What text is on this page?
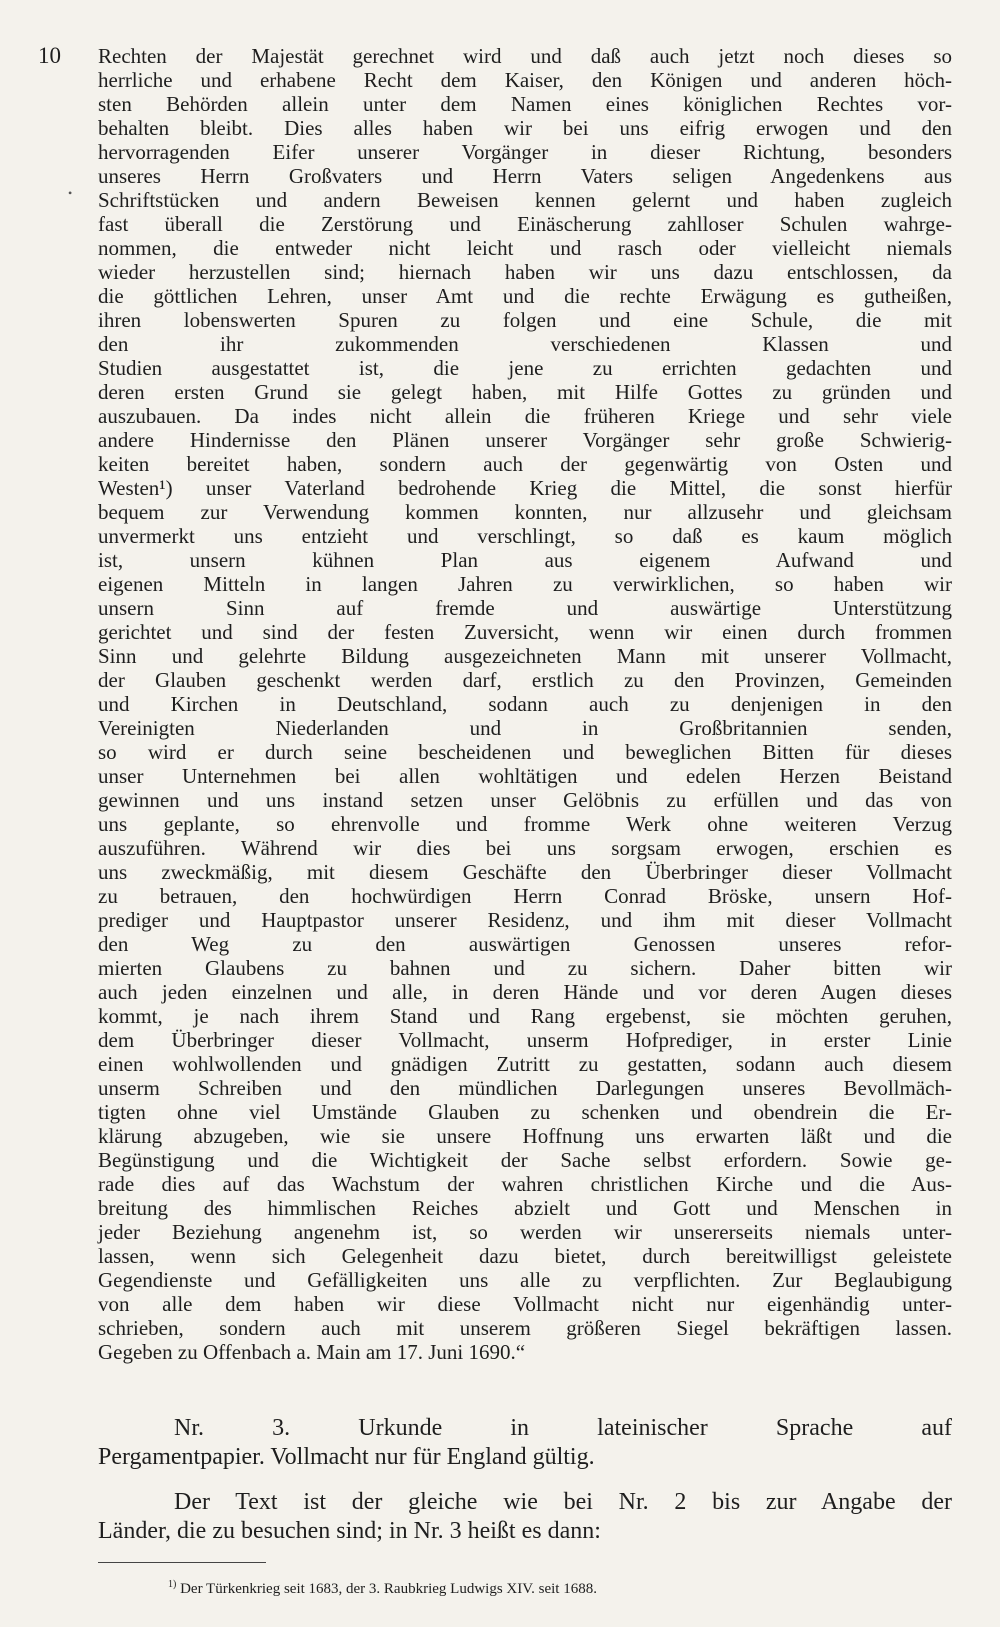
10
•
Rechten der Majestät gerechnet wird und daß auch jetzt noch dieses so
herrliche und erhabene Recht dem Kaiser, den Königen und anderen höch-
sten Behörden allein unter dem Namen eines königlichen Rechtes vor-
behalten bleibt. Dies alles haben wir bei uns eifrig erwogen und den
hervorragenden Eifer unserer Vorgänger in dieser Richtung, besonders
unseres Herrn Großvaters und Herrn Vaters seligen Angedenkens aus
Schriftstücken und andern Beweisen kennen gelernt und haben zugleich
fast überall die Zerstörung und Einäscherung zahlloser Schulen wahrge-
nommen, die entweder nicht leicht und rasch oder vielleicht niemals
wieder herzustellen sind; hiernach haben wir uns dazu entschlossen, da
die göttlichen Lehren, unser Amt und die rechte Erwägung es gutheißen,
ihren lobenswerten Spuren zu folgen und eine Schule, die mit
den ihr zukommenden verschiedenen Klassen und
Studien ausgestattet ist, die jene zu errichten gedachten und
deren ersten Grund sie gelegt haben, mit Hilfe Gottes zu gründen und
auszubauen. Da indes nicht allein die früheren Kriege und sehr viele
andere Hindernisse den Plänen unserer Vorgänger sehr große Schwierig-
keiten bereitet haben, sondern auch der gegenwärtig von Osten und
Westen¹) unser Vaterland bedrohende Krieg die Mittel, die sonst hierfür
bequem zur Verwendung kommen konnten, nur allzusehr und gleichsam
unvermerkt uns entzieht und verschlingt, so daß es kaum möglich
ist, unsern kühnen Plan aus eigenem Aufwand und
eigenen Mitteln in langen Jahren zu verwirklichen, so haben wir
unsern Sinn auf fremde und auswärtige Unterstützung
gerichtet und sind der festen Zuversicht, wenn wir einen durch frommen
Sinn und gelehrte Bildung ausgezeichneten Mann mit unserer Vollmacht,
der Glauben geschenkt werden darf, erstlich zu den Provinzen, Gemeinden
und Kirchen in Deutschland, sodann auch zu denjenigen in den
Vereinigten Niederlanden und in Großbritannien senden,
so wird er durch seine bescheidenen und beweglichen Bitten für dieses
unser Unternehmen bei allen wohltätigen und edelen Herzen Beistand
gewinnen und uns instand setzen unser Gelöbnis zu erfüllen und das von
uns geplante, so ehrenvolle und fromme Werk ohne weiteren Verzug
auszuführen. Während wir dies bei uns sorgsam erwogen, erschien es
uns zweckmäßig, mit diesem Geschäfte den Überbringer dieser Vollmacht
zu betrauen, den hochwürdigen Herrn Conrad Bröske, unsern Hof-
prediger und Hauptpastor unserer Residenz, und ihm mit dieser Vollmacht
den Weg zu den auswärtigen Genossen unseres refor-
mierten Glaubens zu bahnen und zu sichern. Daher bitten wir
auch jeden einzelnen und alle, in deren Hände und vor deren Augen dieses
kommt, je nach ihrem Stand und Rang ergebenst, sie möchten geruhen,
dem Überbringer dieser Vollmacht, unserm Hofprediger, in erster Linie
einen wohlwollenden und gnädigen Zutritt zu gestatten, sodann auch diesem
unserm Schreiben und den mündlichen Darlegungen unseres Bevollmäch-
tigten ohne viel Umstände Glauben zu schenken und obendrein die Er-
klärung abzugeben, wie sie unsere Hoffnung uns erwarten läßt und die
Begünstigung und die Wichtigkeit der Sache selbst erfordern. Sowie ge-
rade dies auf das Wachstum der wahren christlichen Kirche und die Aus-
breitung des himmlischen Reiches abzielt und Gott und Menschen in
jeder Beziehung angenehm ist, so werden wir unsererseits niemals unter-
lassen, wenn sich Gelegenheit dazu bietet, durch bereitwilligst geleistete
Gegendienste und Gefälligkeiten uns alle zu verpflichten. Zur Beglaubigung
von alle dem haben wir diese Vollmacht nicht nur eigenhändig unter-
schrieben, sondern auch mit unserem größeren Siegel bekräftigen lassen.
Gegeben zu Offenbach a. Main am 17. Juni 1690.“
Nr. 3. Urkunde in lateinischer Sprache auf
Pergamentpapier. Vollmacht nur für England gültig.
Der Text ist der gleiche wie bei Nr. 2 bis zur Angabe der
Länder, die zu besuchen sind; in Nr. 3 heißt es dann:
$^{1)}$ Der Türkenkrieg seit 1683, der 3. Raubkrieg Ludwigs XIV. seit 1688.
